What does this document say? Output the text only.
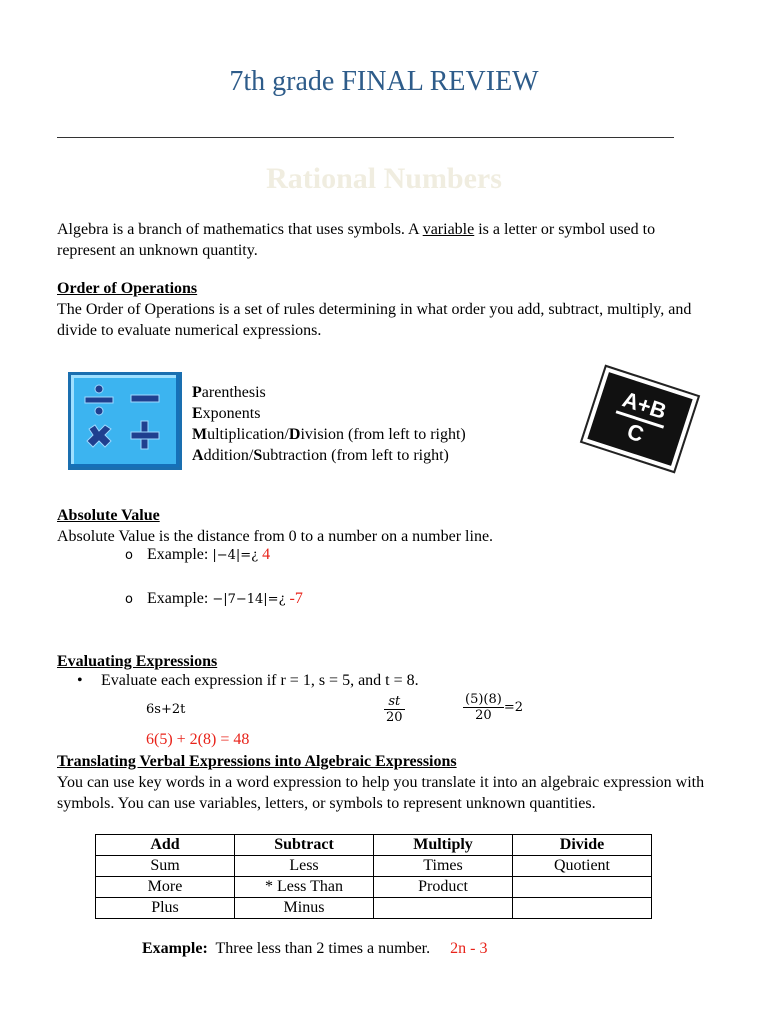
7th grade FINAL REVIEW
Rational Numbers
Algebra is a branch of mathematics that uses symbols. A variable is a letter or symbol used to represent an unknown quantity.
Order of Operations
The Order of Operations is a set of rules determining in what order you add, subtract, multiply, and divide to evaluate numerical expressions.
Parenthesis
Exponents
Multiplication/Division (from left to right)
Addition/Subtraction (from left to right)
A+B
C
Absolute Value
Absolute Value is the distance from 0 to a number on a number line.
o Example: |−4|=¿ 4
o Example: −|7−14|=¿ -7
Evaluating Expressions
• Evaluate each expression if r = 1, s = 5, and t = 8.
6s+2t	$\frac{st}{20}$	$\frac{(5)(8)}{20} =2$
6(5) + 2(8) = 48
Translating Verbal Expressions into Algebraic Expressions
You can use key words in a word expression to help you translate it into an algebraic expression with symbols. You can use variables, letters, or symbols to represent unknown quantities.
Add	Subtract	Multiply	Divide
Sum	Less	Times	Quotient
More	* Less Than	Product	
Plus	Minus		
Example: Three less than 2 times a number. 2n - 3
